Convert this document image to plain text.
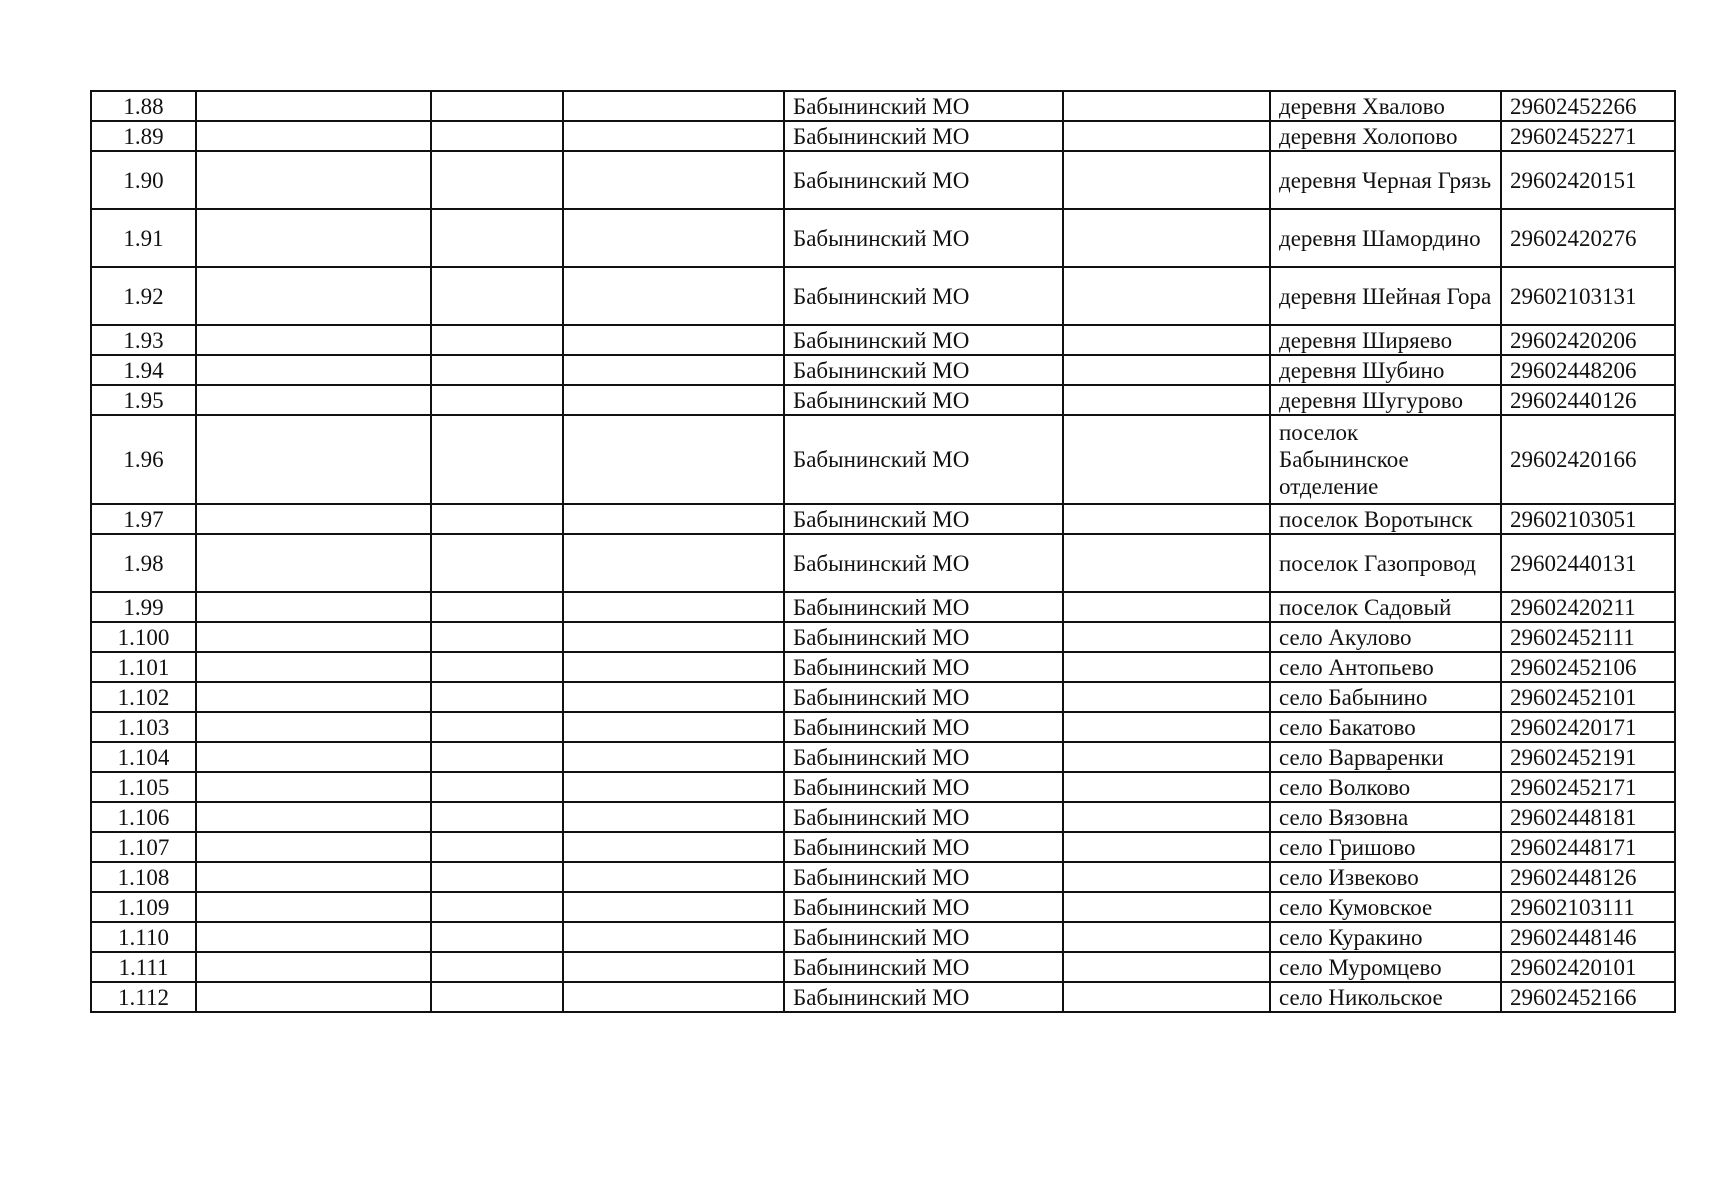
1.88				Бабынинский МО		деревня Хвалово	29602452266
1.89				Бабынинский МО		деревня Холопово	29602452271
1.90				Бабынинский МО		деревня Черная Грязь	29602420151
1.91				Бабынинский МО		деревня Шамордино	29602420276
1.92				Бабынинский МО		деревня Шейная Гора	29602103131
1.93				Бабынинский МО		деревня Ширяево	29602420206
1.94				Бабынинский МО		деревня Шубино	29602448206
1.95				Бабынинский МО		деревня Шугурово	29602440126
1.96				Бабынинский МО		поселок Бабынинское отделение	29602420166
1.97				Бабынинский МО		поселок Воротынск	29602103051
1.98				Бабынинский МО		поселок Газопровод	29602440131
1.99				Бабынинский МО		поселок Садовый	29602420211
1.100				Бабынинский МО		село Акулово	29602452111
1.101				Бабынинский МО		село Антопьево	29602452106
1.102				Бабынинский МО		село Бабынино	29602452101
1.103				Бабынинский МО		село Бакатово	29602420171
1.104				Бабынинский МО		село Варваренки	29602452191
1.105				Бабынинский МО		село Волково	29602452171
1.106				Бабынинский МО		село Вязовна	29602448181
1.107				Бабынинский МО		село Гришово	29602448171
1.108				Бабынинский МО		село Извеково	29602448126
1.109				Бабынинский МО		село Кумовское	29602103111
1.110				Бабынинский МО		село Куракино	29602448146
1.111				Бабынинский МО		село Муромцево	29602420101
1.112				Бабынинский МО		село Никольское	29602452166
